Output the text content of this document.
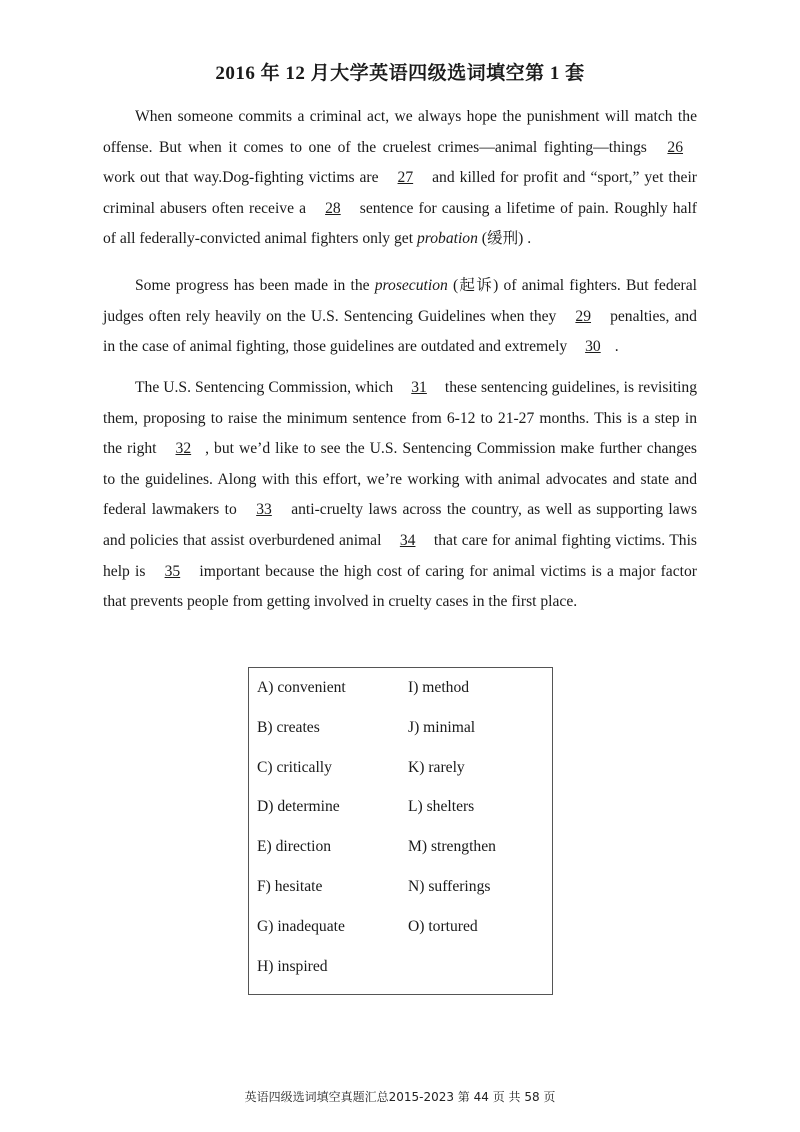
2016 年 12 月大学英语四级选词填空第 1 套

When someone commits a criminal act, we always hope the punishment will match the offense. But when it comes to one of the cruelest crimes—animal fighting—things 26 work out that way.Dog-fighting victims are 27 and killed for profit and “sport,” yet their criminal abusers often receive a 28 sentence for causing a lifetime of pain. Roughly half of all federally-convicted animal fighters only get probation (缓刑) .

Some progress has been made in the prosecution (起诉) of animal fighters. But federal judges often rely heavily on the U.S. Sentencing Guidelines when they 29 penalties, and in the case of animal fighting, those guidelines are outdated and extremely 30 .

The U.S. Sentencing Commission, which 31 these sentencing guidelines, is revisiting them, proposing to raise the minimum sentence from 6-12 to 21-27 months. This is a step in the right 32 , but we’d like to see the U.S. Sentencing Commission make further changes to the guidelines. Along with this effort, we’re working with animal advocates and state and federal lawmakers to 33 anti-cruelty laws across the country, as well as supporting laws and policies that assist overburdened animal 34 that care for animal fighting victims. This help is 35 important because the high cost of caring for animal victims is a major factor that prevents people from getting involved in cruelty cases in the first place.

A) convenient
B) creates
C) critically
D) determine
E) direction
F) hesitate
G) inadequate
H) inspired
I) method
J) minimal
K) rarely
L) shelters
M) strengthen
N) sufferings
O) tortured
英语四级选词填空真题汇总2015-2023 第 44 页 共 58 页
